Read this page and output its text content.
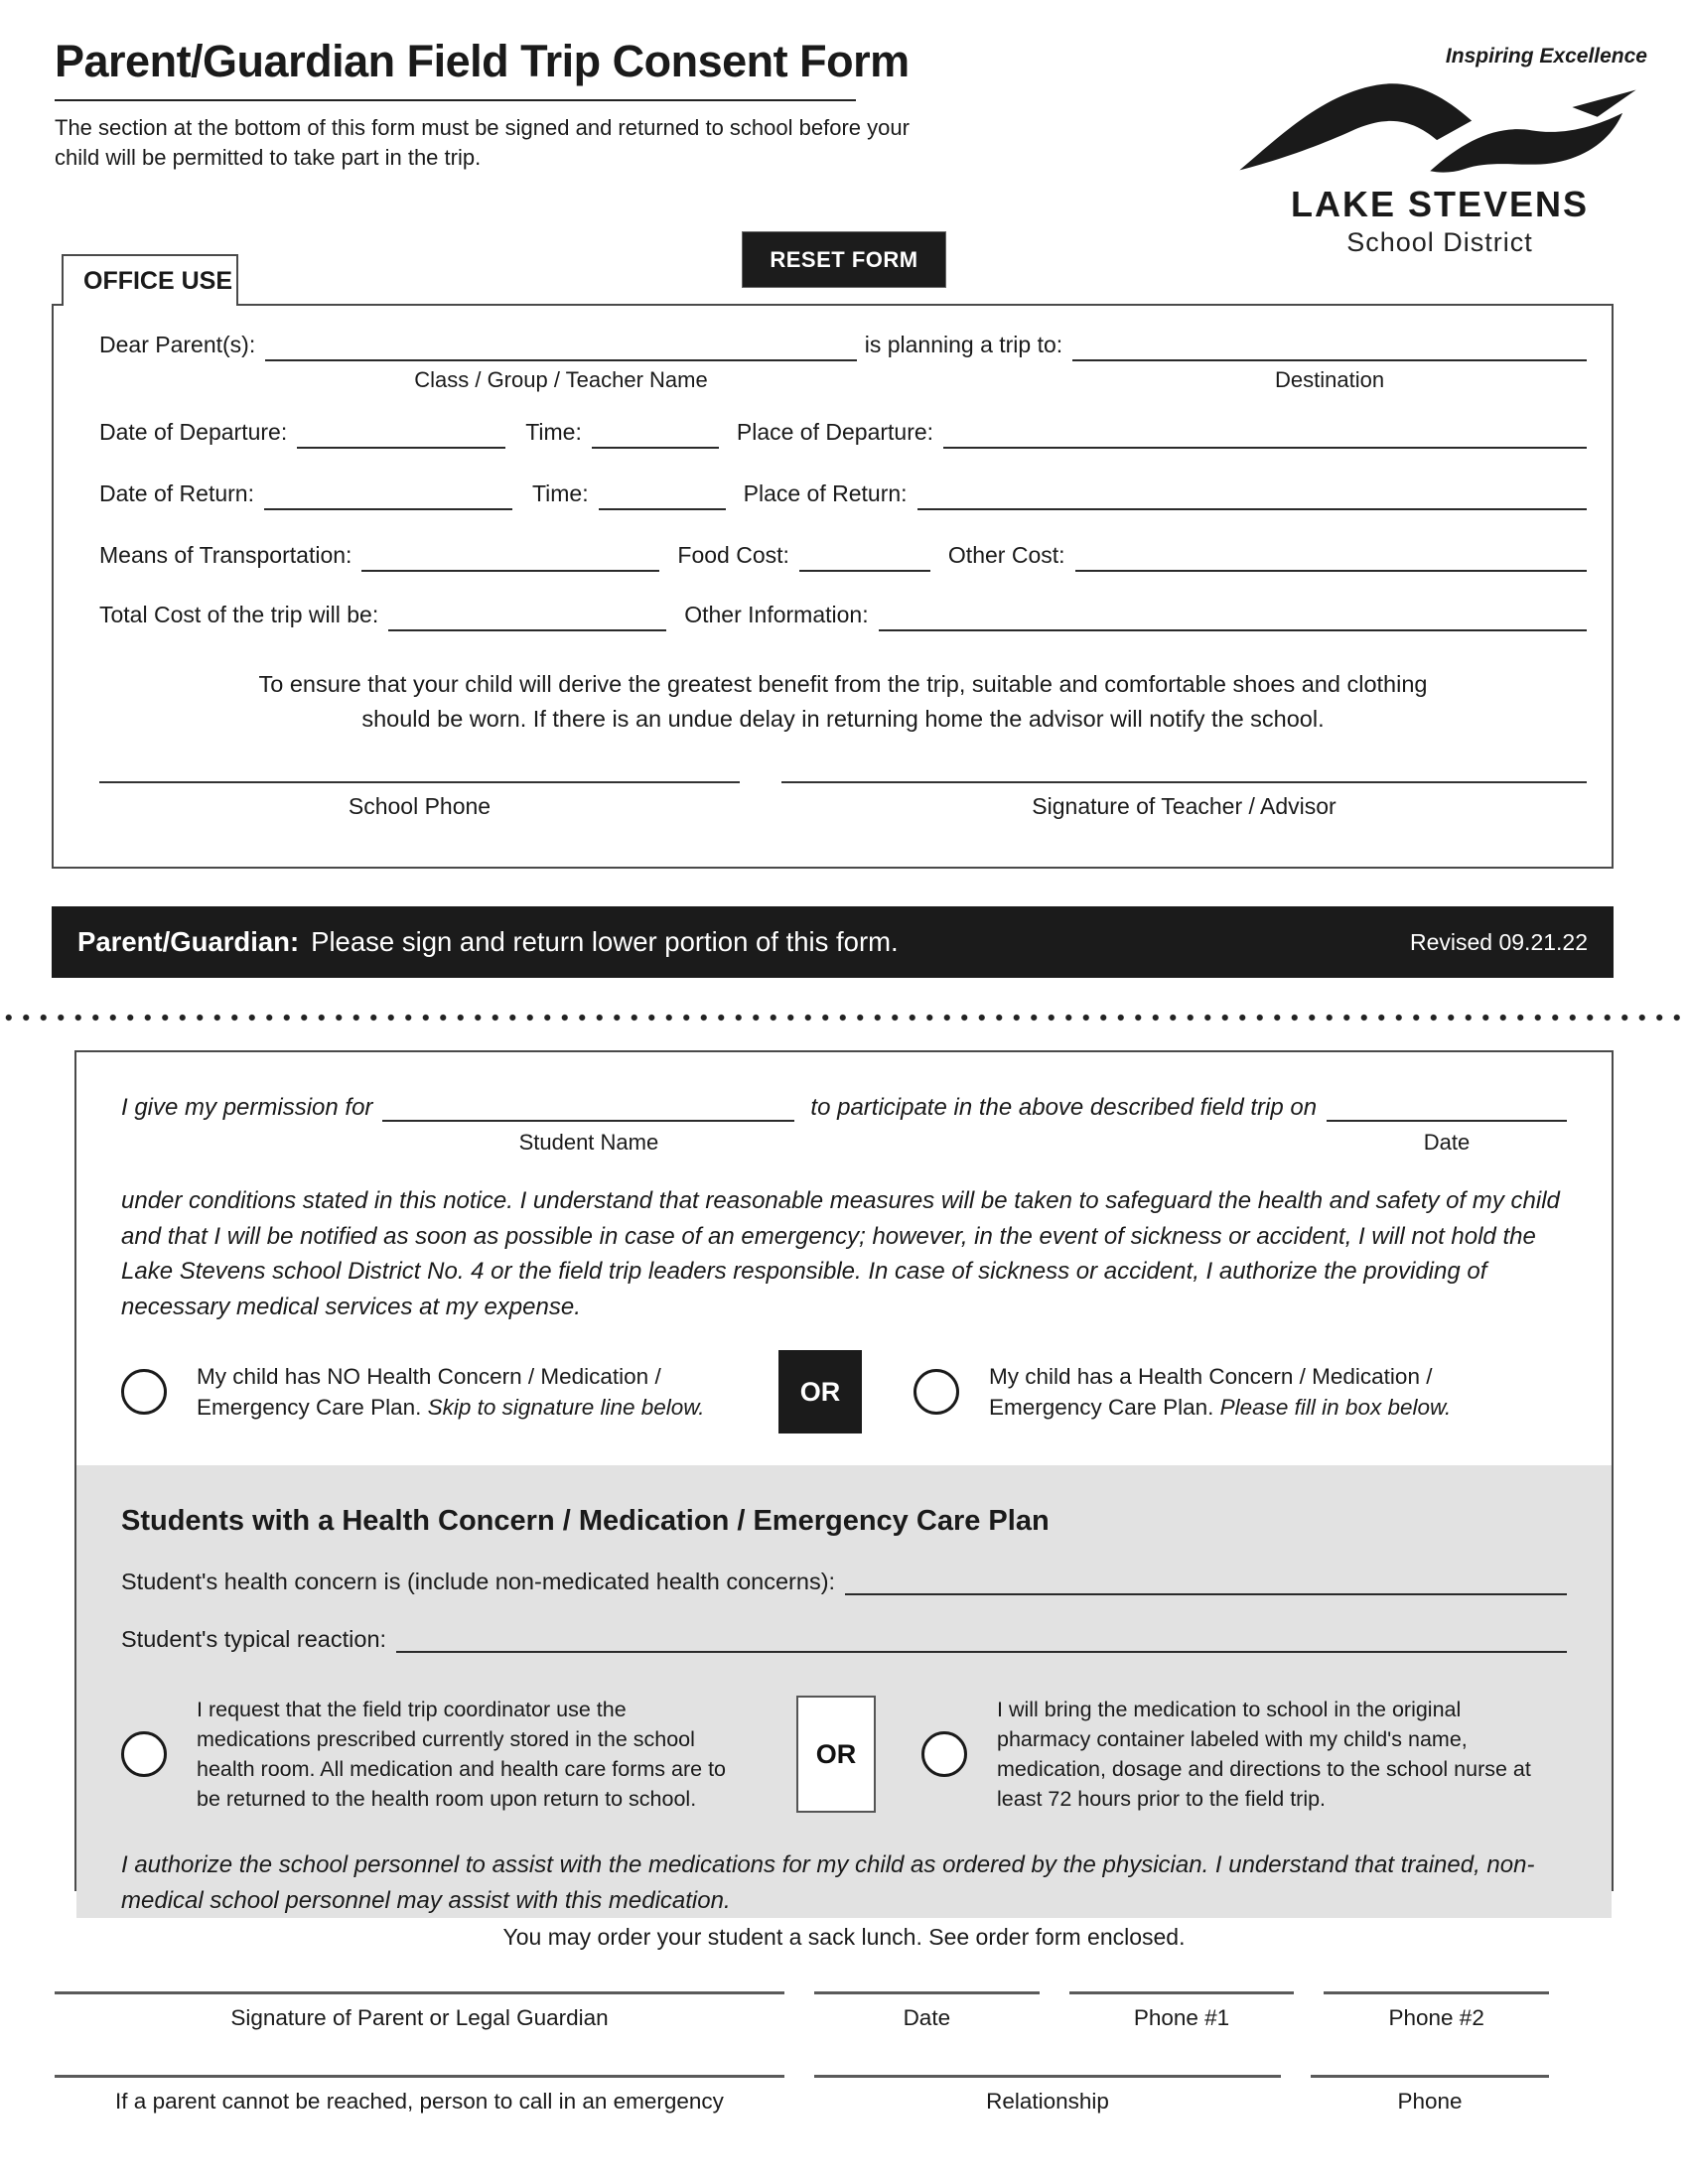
Parent/Guardian Field Trip Consent Form
The section at the bottom of this form must be signed and returned to school before your child will be permitted to take part in the trip.
Inspiring Excellence
LAKE STEVENS
School District
RESET FORM
OFFICE USE
Dear Parent(s):
Class / Group / Teacher Name
is planning a trip to:
Destination
Date of Departure:	Time:	Place of Departure:
Date of Return:	Time:	Place of Return:
Means of Transportation:	Food Cost:	Other Cost:
Total Cost of the trip will be:	Other Information:
To ensure that your child will derive the greatest benefit from the trip, suitable and comfortable shoes and clothing should be worn. If there is an undue delay in returning home the advisor will notify the school.
School Phone	Signature of Teacher / Advisor
Parent/Guardian: Please sign and return lower portion of this form.	Revised 09.21.22
I give my permission for
Student Name
to participate in the above described field trip on
Date
under conditions stated in this notice. I understand that reasonable measures will be taken to safeguard the health and safety of my child and that I will be notified as soon as possible in case of an emergency; however, in the event of sickness or accident, I will not hold the Lake Stevens school District No. 4 or the field trip leaders responsible. In case of sickness or accident, I authorize the providing of necessary medical services at my expense.
My child has NO Health Concern / Medication / Emergency Care Plan. Skip to signature line below.
OR
My child has a Health Concern / Medication / Emergency Care Plan. Please fill in box below.
Students with a Health Concern / Medication / Emergency Care Plan
Student's health concern is (include non-medicated health concerns):
Student's typical reaction:
I request that the field trip coordinator use the medications prescribed currently stored in the school health room. All medication and health care forms are to be returned to the health room upon return to school.
OR
I will bring the medication to school in the original pharmacy container labeled with my child's name, medication, dosage and directions to the school nurse at least 72 hours prior to the field trip.
I authorize the school personnel to assist with the medications for my child as ordered by the physician. I understand that trained, non-medical school personnel may assist with this medication.
You may order your student a sack lunch. See order form enclosed.
Signature of Parent or Legal Guardian	Date	Phone #1	Phone #2
If a parent cannot be reached, person to call in an emergency	Relationship	Phone
